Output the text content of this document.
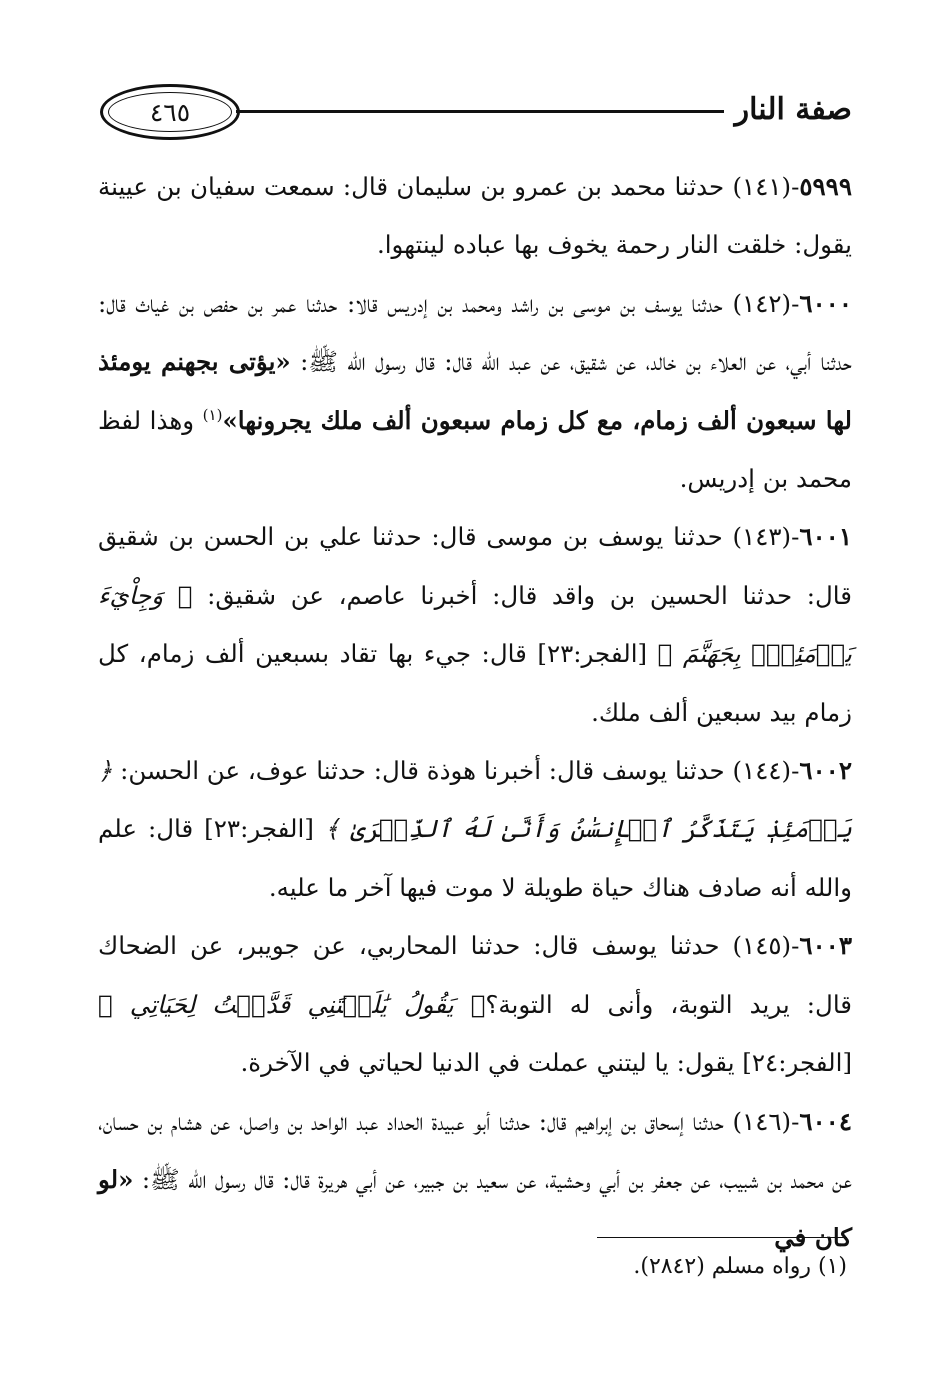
صفة النار
٤٦٥

٥٩٩٩-(١٤١) حدثنا محمد بن عمرو بن سليمان قال: سمعت سفيان بن عيينة يقول: خلقت النار رحمة يخوف بها عباده لينتهوا.

٦٠٠٠-(١٤٢) حدثنا يوسف بن موسى بن راشد ومحمد بن إدريس قالا: حدثنا عمر بن حفص بن غياث قال: حدثنا أبي، عن العلاء بن خالد، عن شقيق، عن عبد الله قال: قال رسول الله ﷺ: «يؤتى بجهنم يومئذ لها سبعون ألف زمام، مع كل زمام سبعون ألف ملك يجرونها»$^{(١)}$ وهذا لفظ محمد بن إدريس.

٦٠٠١-(١٤٣) حدثنا يوسف بن موسى قال: حدثنا علي بن الحسن بن شقيق قال: حدثنا الحسين بن واقد قال: أخبرنا عاصم، عن شقيق: ﴿ وَجِاْيٓءَ يَوۡمَئِذِۭ بِجَهَنَّمَ ﴾ [الفجر:٢٣] قال: جيء بها تقاد بسبعين ألف زمام، كل زمام بيد سبعين ألف ملك.

٦٠٠٢-(١٤٤) حدثنا يوسف قال: أخبرنا هوذة قال: حدثنا عوف، عن الحسن: ﴿ يَوۡمَئِذٖ يَتَذَكَّرُ ٱلۡإِنسَٰنُ وَأَنَّىٰ لَهُ ٱلذِّكۡرَىٰ ﴾ [الفجر:٢٣] قال: علم والله أنه صادف هناك حياة طويلة لا موت فيها آخر ما عليه.

٦٠٠٣-(١٤٥) حدثنا يوسف قال: حدثنا المحاربي، عن جويبر، عن الضحاك قال: يريد التوبة، وأنى له التوبة؟﴿ يَقُولُ يَٰلَيۡتَنِي قَدَّمۡتُ لِحَيَاتِي ﴾ [الفجر:٢٤] يقول: يا ليتني عملت في الدنيا لحياتي في الآخرة.

٦٠٠٤-(١٤٦) حدثنا إسحاق بن إبراهيم قال: حدثنا أبو عبيدة الحداد عبد الواحد بن واصل، عن هشام بن حسان، عن محمد بن شبيب، عن جعفر بن أبي وحشية، عن سعيد بن جبير، عن أبي هريرة قال: قال رسول الله ﷺ: «لو كان في

(١) رواه مسلم (٢٨٤٢).
